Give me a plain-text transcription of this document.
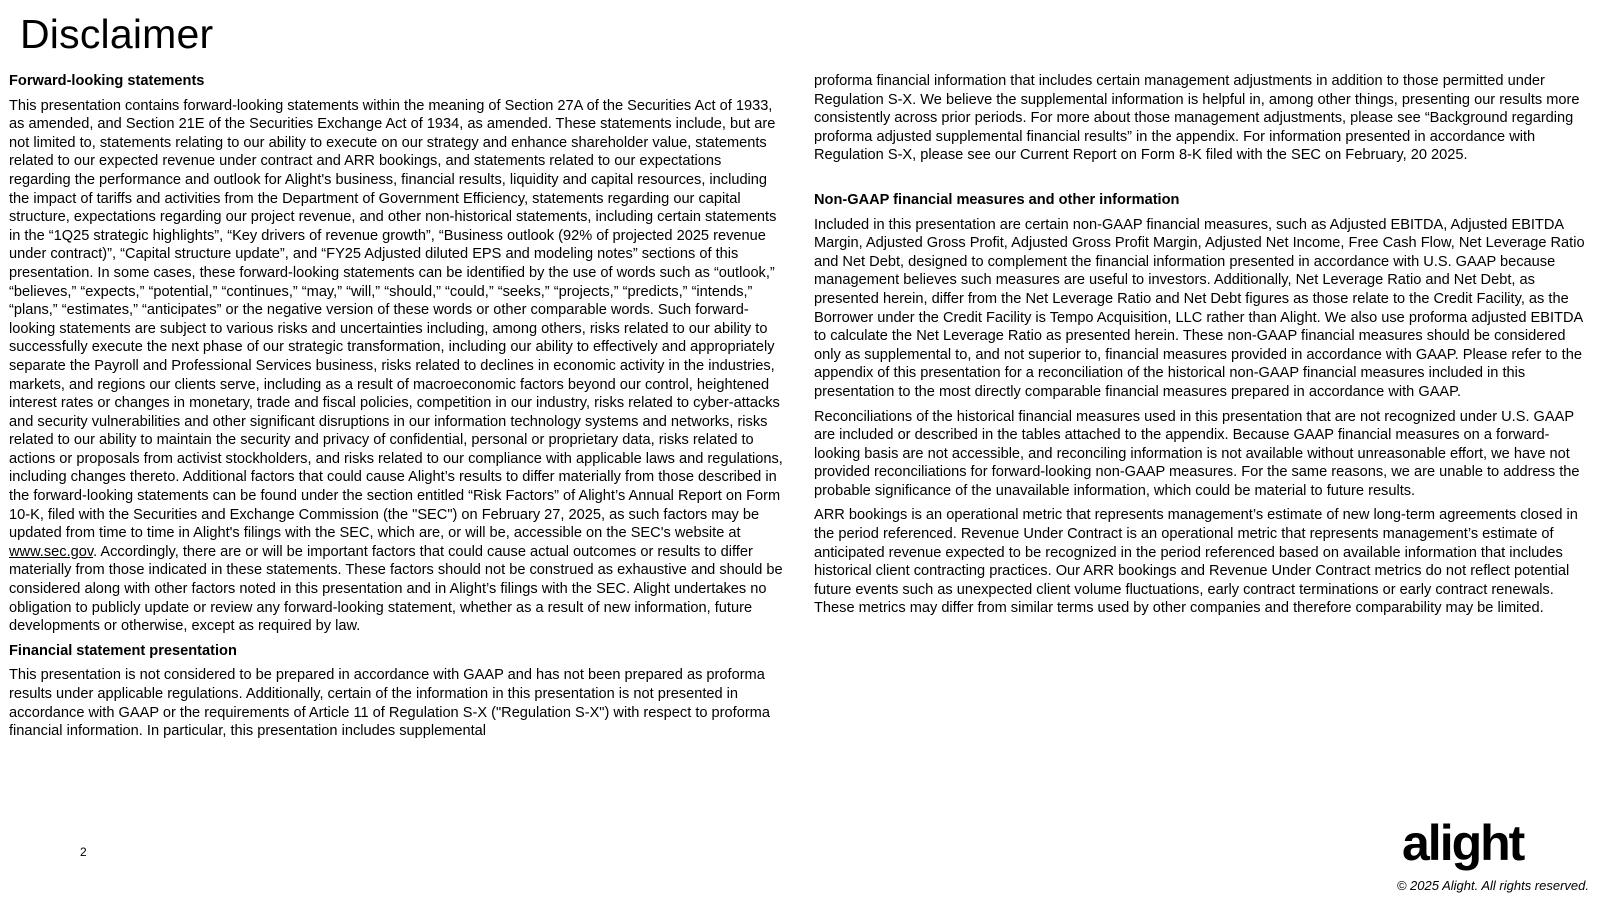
Disclaimer
Forward-looking statements
This presentation contains forward-looking statements within the meaning of Section 27A of the Securities Act of 1933, as amended, and Section 21E of the Securities Exchange Act of 1934, as amended. These statements include, but are not limited to, statements relating to our ability to execute on our strategy and enhance shareholder value, statements related to our expected revenue under contract and ARR bookings, and statements related to our expectations regarding the performance and outlook for Alight's business, financial results, liquidity and capital resources, including the impact of tariffs and activities from the Department of Government Efficiency, statements regarding our capital structure, expectations regarding our project revenue, and other non-historical statements, including certain statements in the “1Q25 strategic highlights”, “Key drivers of revenue growth”, “Business outlook (92% of projected 2025 revenue under contract)”, “Capital structure update”, and “FY25 Adjusted diluted EPS and modeling notes” sections of this presentation. In some cases, these forward-looking statements can be identified by the use of words such as “outlook,” “believes,” “expects,” “potential,” “continues,” “may,” “will,” “should,” “could,” “seeks,” “projects,” “predicts,” “intends,” “plans,” “estimates,” “anticipates” or the negative version of these words or other comparable words. Such forward-looking statements are subject to various risks and uncertainties including, among others, risks related to our ability to successfully execute the next phase of our strategic transformation, including our ability to effectively and appropriately separate the Payroll and Professional Services business, risks related to declines in economic activity in the industries, markets, and regions our clients serve, including as a result of macroeconomic factors beyond our control, heightened interest rates or changes in monetary, trade and fiscal policies, competition in our industry, risks related to cyber-attacks and security vulnerabilities and other significant disruptions in our information technology systems and networks, risks related to our ability to maintain the security and privacy of confidential, personal or proprietary data, risks related to actions or proposals from activist stockholders, and risks related to our compliance with applicable laws and regulations, including changes thereto. Additional factors that could cause Alight’s results to differ materially from those described in the forward-looking statements can be found under the section entitled “Risk Factors” of Alight’s Annual Report on Form 10-K, filed with the Securities and Exchange Commission (the "SEC") on February 27, 2025, as such factors may be updated from time to time in Alight's filings with the SEC, which are, or will be, accessible on the SEC's website at www.sec.gov. Accordingly, there are or will be important factors that could cause actual outcomes or results to differ materially from those indicated in these statements. These factors should not be construed as exhaustive and should be considered along with other factors noted in this presentation and in Alight’s filings with the SEC. Alight undertakes no obligation to publicly update or review any forward-looking statement, whether as a result of new information, future developments or otherwise, except as required by law.
Financial statement presentation
This presentation is not considered to be prepared in accordance with GAAP and has not been prepared as proforma results under applicable regulations. Additionally, certain of the information in this presentation is not presented in accordance with GAAP or the requirements of Article 11 of Regulation S-X ("Regulation S-X") with respect to proforma financial information. In particular, this presentation includes supplemental
proforma financial information that includes certain management adjustments in addition to those permitted under Regulation S-X. We believe the supplemental information is helpful in, among other things, presenting our results more consistently across prior periods. For more about those management adjustments, please see “Background regarding proforma adjusted supplemental financial results” in the appendix. For information presented in accordance with Regulation S-X, please see our Current Report on Form 8-K filed with the SEC on February, 20 2025.
Non-GAAP financial measures and other information
Included in this presentation are certain non-GAAP financial measures, such as Adjusted EBITDA, Adjusted EBITDA Margin, Adjusted Gross Profit, Adjusted Gross Profit Margin, Adjusted Net Income, Free Cash Flow, Net Leverage Ratio and Net Debt, designed to complement the financial information presented in accordance with U.S. GAAP because management believes such measures are useful to investors. Additionally, Net Leverage Ratio and Net Debt, as presented herein, differ from the Net Leverage Ratio and Net Debt figures as those relate to the Credit Facility, as the Borrower under the Credit Facility is Tempo Acquisition, LLC rather than Alight. We also use proforma adjusted EBITDA to calculate the Net Leverage Ratio as presented herein. These non-GAAP financial measures should be considered only as supplemental to, and not superior to, financial measures provided in accordance with GAAP. Please refer to the appendix of this presentation for a reconciliation of the historical non-GAAP financial measures included in this presentation to the most directly comparable financial measures prepared in accordance with GAAP.
Reconciliations of the historical financial measures used in this presentation that are not recognized under U.S. GAAP are included or described in the tables attached to the appendix. Because GAAP financial measures on a forward-looking basis are not accessible, and reconciling information is not available without unreasonable effort, we have not provided reconciliations for forward-looking non-GAAP measures. For the same reasons, we are unable to address the probable significance of the unavailable information, which could be material to future results.
ARR bookings is an operational metric that represents management’s estimate of new long-term agreements closed in the period referenced. Revenue Under Contract is an operational metric that represents management’s estimate of anticipated revenue expected to be recognized in the period referenced based on available information that includes historical client contracting practices. Our ARR bookings and Revenue Under Contract metrics do not reflect potential future events such as unexpected client volume fluctuations, early contract terminations or early contract renewals. These metrics may differ from similar terms used by other companies and therefore comparability may be limited.
2	alight
© 2025 Alight. All rights reserved.
